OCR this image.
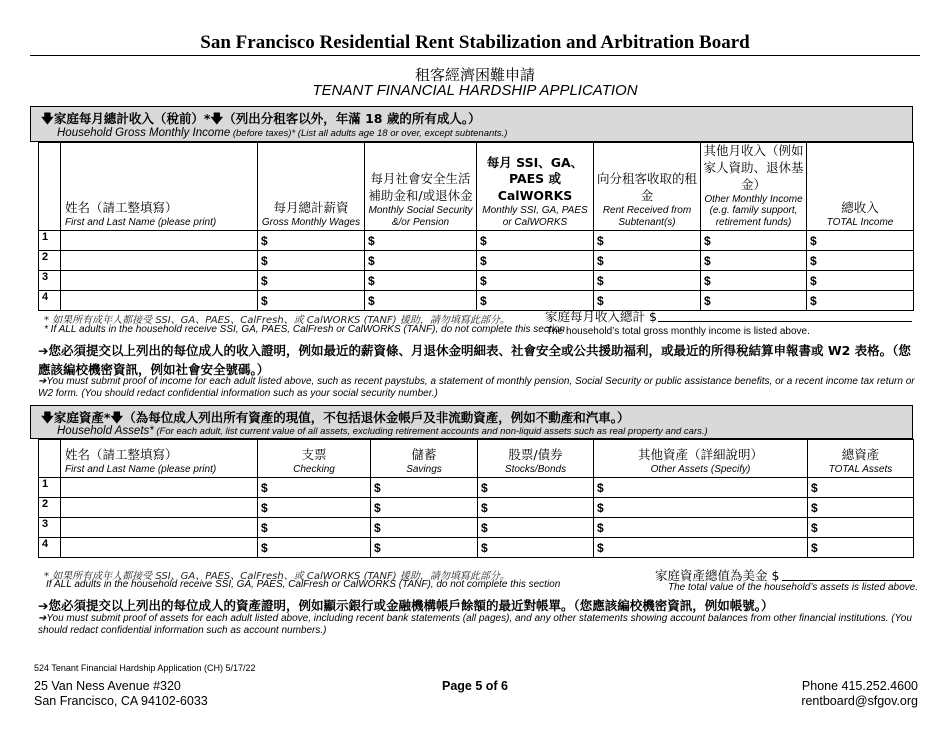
San Francisco Residential Rent Stabilization and Arbitration Board
租客經濟困難申請
TENANT FINANCIAL HARDSHIP APPLICATION
🡇家庭每月總計收入（稅前）*🡇（列出分租客以外，年滿 18 歲的所有成人。）
Household Gross Monthly Income (before taxes)* (List all adults age 18 or over, except subtenants.)

	姓名（請工整填寫）
First and Last Name (please print)	每月總計薪資
Gross Monthly Wages	每月社會安全生活補助金和/或退休金
Monthly Social Security &/or Pension	每月 SSI、GA、PAES 或 CalWORKS
Monthly SSI, GA, PAES or CalWORKS	向分租客收取的租金
Rent Received from Subtenant(s)	其他月收入（例如家人資助、退休基金）
Other Monthly Income (e.g. family support, retirement funds)	總收入
TOTAL Income

1		$	$	$	$	$	$
2		$	$	$	$	$	$
3		$	$	$	$	$	$
4		$	$	$	$	$	$
* 如果所有成年人都接受 SSI、GA、PAES、CalFresh、或 CalWORKS (TANF) 援助，請勿填寫此部分。	家庭每月收入總計 $
* If ALL adults in the household receive SSI, GA, PAES, CalFresh or CalWORKS (TANF), do not complete this section
The household’s total gross monthly income is listed above.
➔您必須提交以上列出的每位成人的收入證明，例如最近的薪資條、月退休金明細表、社會安全或公共援助福利，或最近的所得稅結算申報書或 W2 表格。（您應該編校機密資訊，例如社會安全號碼。）
➔You must submit proof of income for each adult listed above, such as recent paystubs, a statement of monthly pension, Social Security or public assistance benefits, or a recent income tax return or W2 form. (You should redact confidential information such as your social security number.)
🡇家庭資產*🡇（為每位成人列出所有資產的現值，不包括退休金帳戶及非流動資產，例如不動產和汽車。）
Household Assets* (For each adult, list current value of all assets, excluding retirement accounts and non-liquid assets such as real property and cars.)

	姓名（請工整填寫）
First and Last Name (please print)	支票
Checking	儲蓄
Savings	股票/債券
Stocks/Bonds	其他資產（詳細說明）
Other Assets (Specify)	總資產
TOTAL Assets

1		$	$	$	$	$
2		$	$	$	$	$
3		$	$	$	$	$
4		$	$	$	$	$
* 如果所有成年人都接受 SSI、GA、PAES、CalFresh、或 CalWORKS (TANF) 援助，請勿填寫此部分。	家庭資產總值為美金 $
If ALL adults in the household receive SSI, GA, PAES, CalFresh or CalWORKS (TANF), do not complete this section	The total value of the household’s assets is listed above.
➔您必須提交以上列出的每位成人的資產證明，例如顯示銀行或金融機構帳戶餘額的最近對帳單。（您應該編校機密資訊，例如帳號。）
➔You must submit proof of assets for each adult listed above, including recent bank statements (all pages), and any other statements showing account balances from other financial institutions. (You should redact confidential information such as account numbers.)
524 Tenant Financial Hardship Application (CH) 5/17/22
25 Van Ness Avenue #320
San Francisco, CA 94102-6033
Page 5 of 6	Phone 415.252.4600
rentboard@sfgov.org
